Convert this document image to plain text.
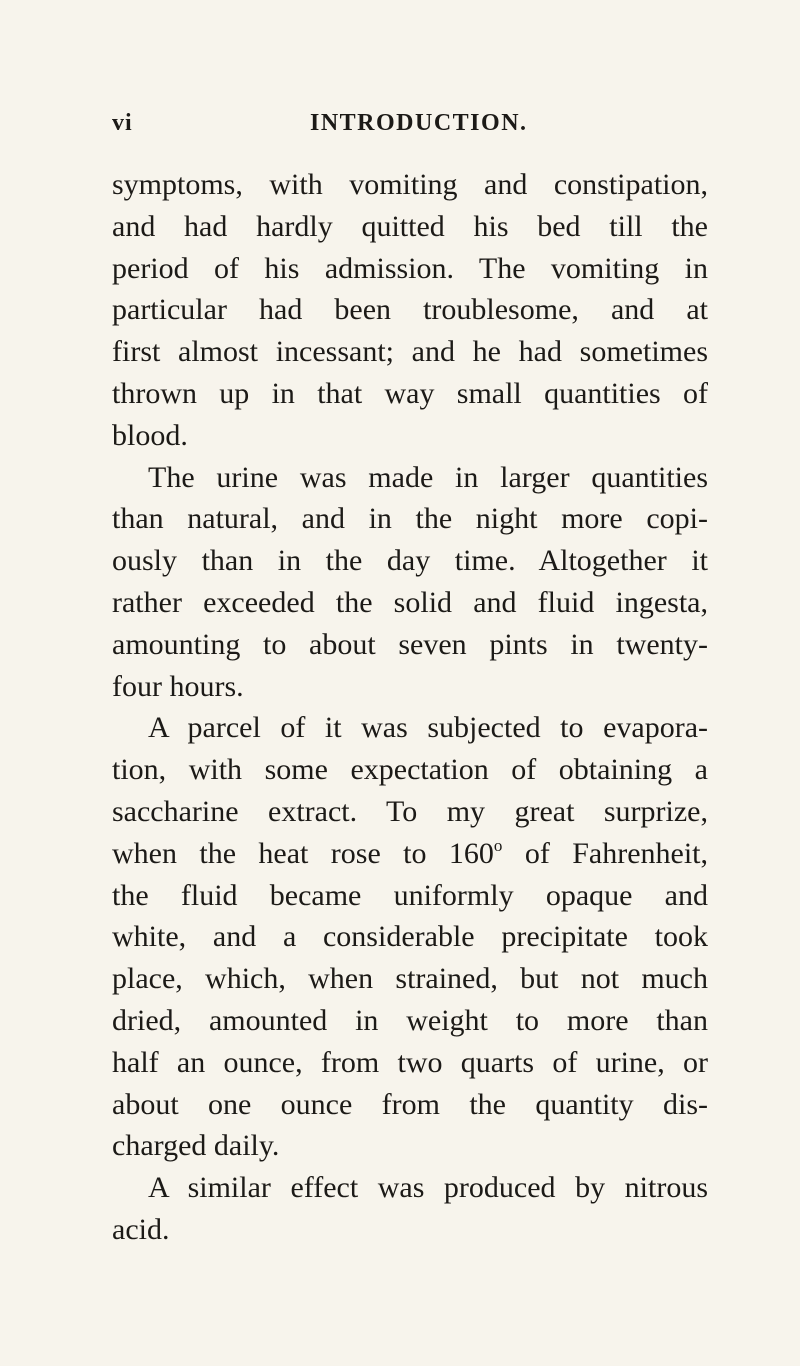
vi	INTRODUCTION.
symptoms, with vomiting and constipation,
and had hardly quitted his bed till the
period of his admission. The vomiting in
particular had been troublesome, and at
first almost incessant; and he had sometimes
thrown up in that way small quantities of
blood.
The urine was made in larger quantities
than natural, and in the night more copi-
ously than in the day time. Altogether it
rather exceeded the solid and fluid ingesta,
amounting to about seven pints in twenty-
four hours.
A parcel of it was subjected to evapora-
tion, with some expectation of obtaining a
saccharine extract. To my great surprize,
when the heat rose to 160$^o$ of Fahrenheit,
the fluid became uniformly opaque and
white, and a considerable precipitate took
place, which, when strained, but not much
dried, amounted in weight to more than
half an ounce, from two quarts of urine, or
about one ounce from the quantity dis-
charged daily.
A similar effect was produced by nitrous
acid.
